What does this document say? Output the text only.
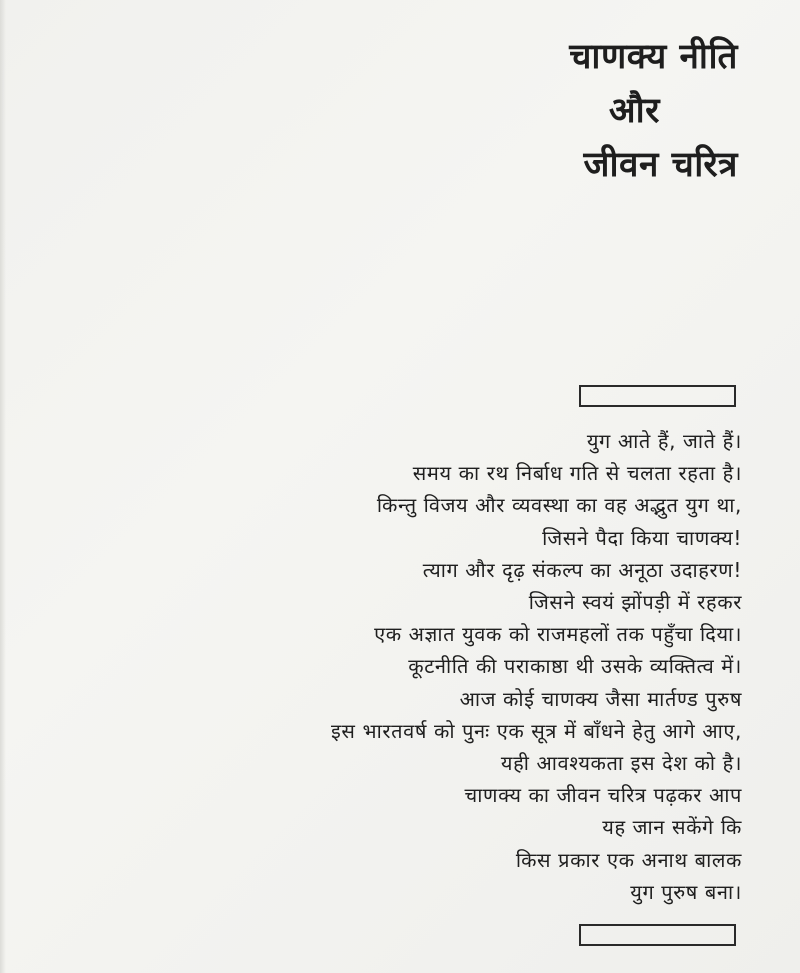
चाणक्य नीति
और
जीवन चरित्र
युग आते हैं, जाते हैं।
समय का रथ निर्बाध गति से चलता रहता है।
किन्तु विजय और व्यवस्था का वह अद्भुत युग था,
जिसने पैदा किया चाणक्य!
त्याग और दृढ़ संकल्प का अनूठा उदाहरण!
जिसने स्वयं झोंपड़ी में रहकर
एक अज्ञात युवक को राजमहलों तक पहुँचा दिया।
कूटनीति की पराकाष्ठा थी उसके व्यक्तित्व में।
आज कोई चाणक्य जैसा मार्तण्ड पुरुष
इस भारतवर्ष को पुनः एक सूत्र में बाँधने हेतु आगे आए,
यही आवश्यकता इस देश को है।
चाणक्य का जीवन चरित्र पढ़कर आप
यह जान सकेंगे कि
किस प्रकार एक अनाथ बालक
युग पुरुष बना।
